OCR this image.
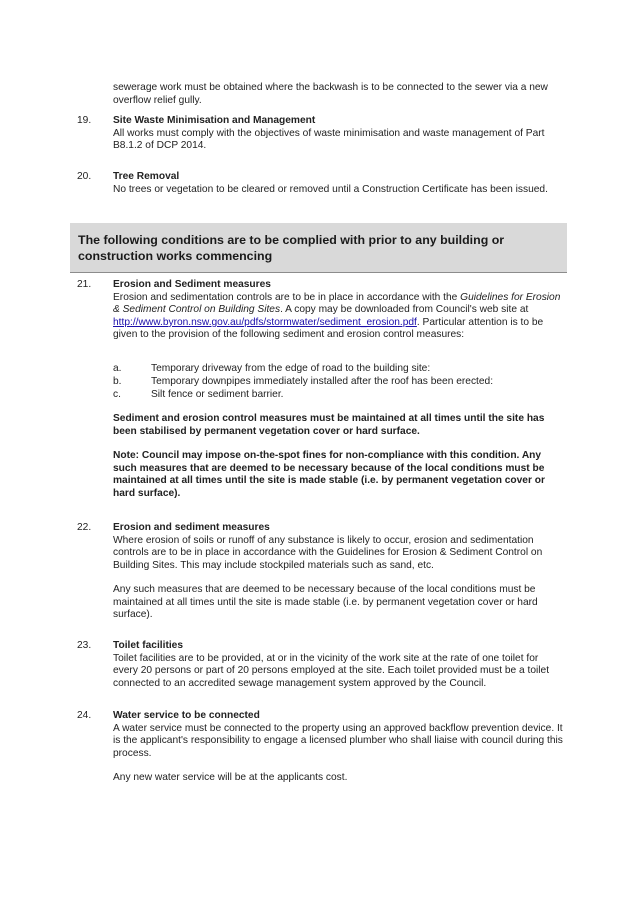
sewerage work must be obtained where the backwash is to be connected to the sewer via a new overflow relief gully.

19. Site Waste Minimisation and Management

All works must comply with the objectives of waste minimisation and waste management of Part B8.1.2 of DCP 2014.

20. Tree Removal

No trees or vegetation to be cleared or removed until a Construction Certificate has been issued.

The following conditions are to be complied with prior to any building or construction works commencing
21. Erosion and Sediment measures

Erosion and sedimentation controls are to be in place in accordance with the Guidelines for Erosion & Sediment Control on Building Sites. A copy may be downloaded from Council's web site at http://www.byron.nsw.gov.au/pdfs/stormwater/sediment_erosion.pdf. Particular attention is to be given to the provision of the following sediment and erosion control measures:

a.	Temporary driveway from the edge of road to the building site:
b.	Temporary downpipes immediately installed after the roof has been erected:
c.	Silt fence or sediment barrier.
Sediment and erosion control measures must be maintained at all times until the site has been stabilised by permanent vegetation cover or hard surface.
Note: Council may impose on-the-spot fines for non-compliance with this condition. Any such measures that are deemed to be necessary because of the local conditions must be maintained at all times until the site is made stable (i.e. by permanent vegetation cover or hard surface).
22. Erosion and sediment measures

Where erosion of soils or runoff of any substance is likely to occur, erosion and sedimentation controls are to be in place in accordance with the Guidelines for Erosion & Sediment Control on Building Sites. This may include stockpiled materials such as sand, etc.

Any such measures that are deemed to be necessary because of the local conditions must be maintained at all times until the site is made stable (i.e. by permanent vegetation cover or hard surface).
23. Toilet facilities

Toilet facilities are to be provided, at or in the vicinity of the work site at the rate of one toilet for every 20 persons or part of 20 persons employed at the site. Each toilet provided must be a toilet connected to an accredited sewage management system approved by the Council.

24. Water service to be connected

A water service must be connected to the property using an approved backflow prevention device. It is the applicant's responsibility to engage a licensed plumber who shall liaise with council during this process.

Any new water service will be at the applicants cost.
